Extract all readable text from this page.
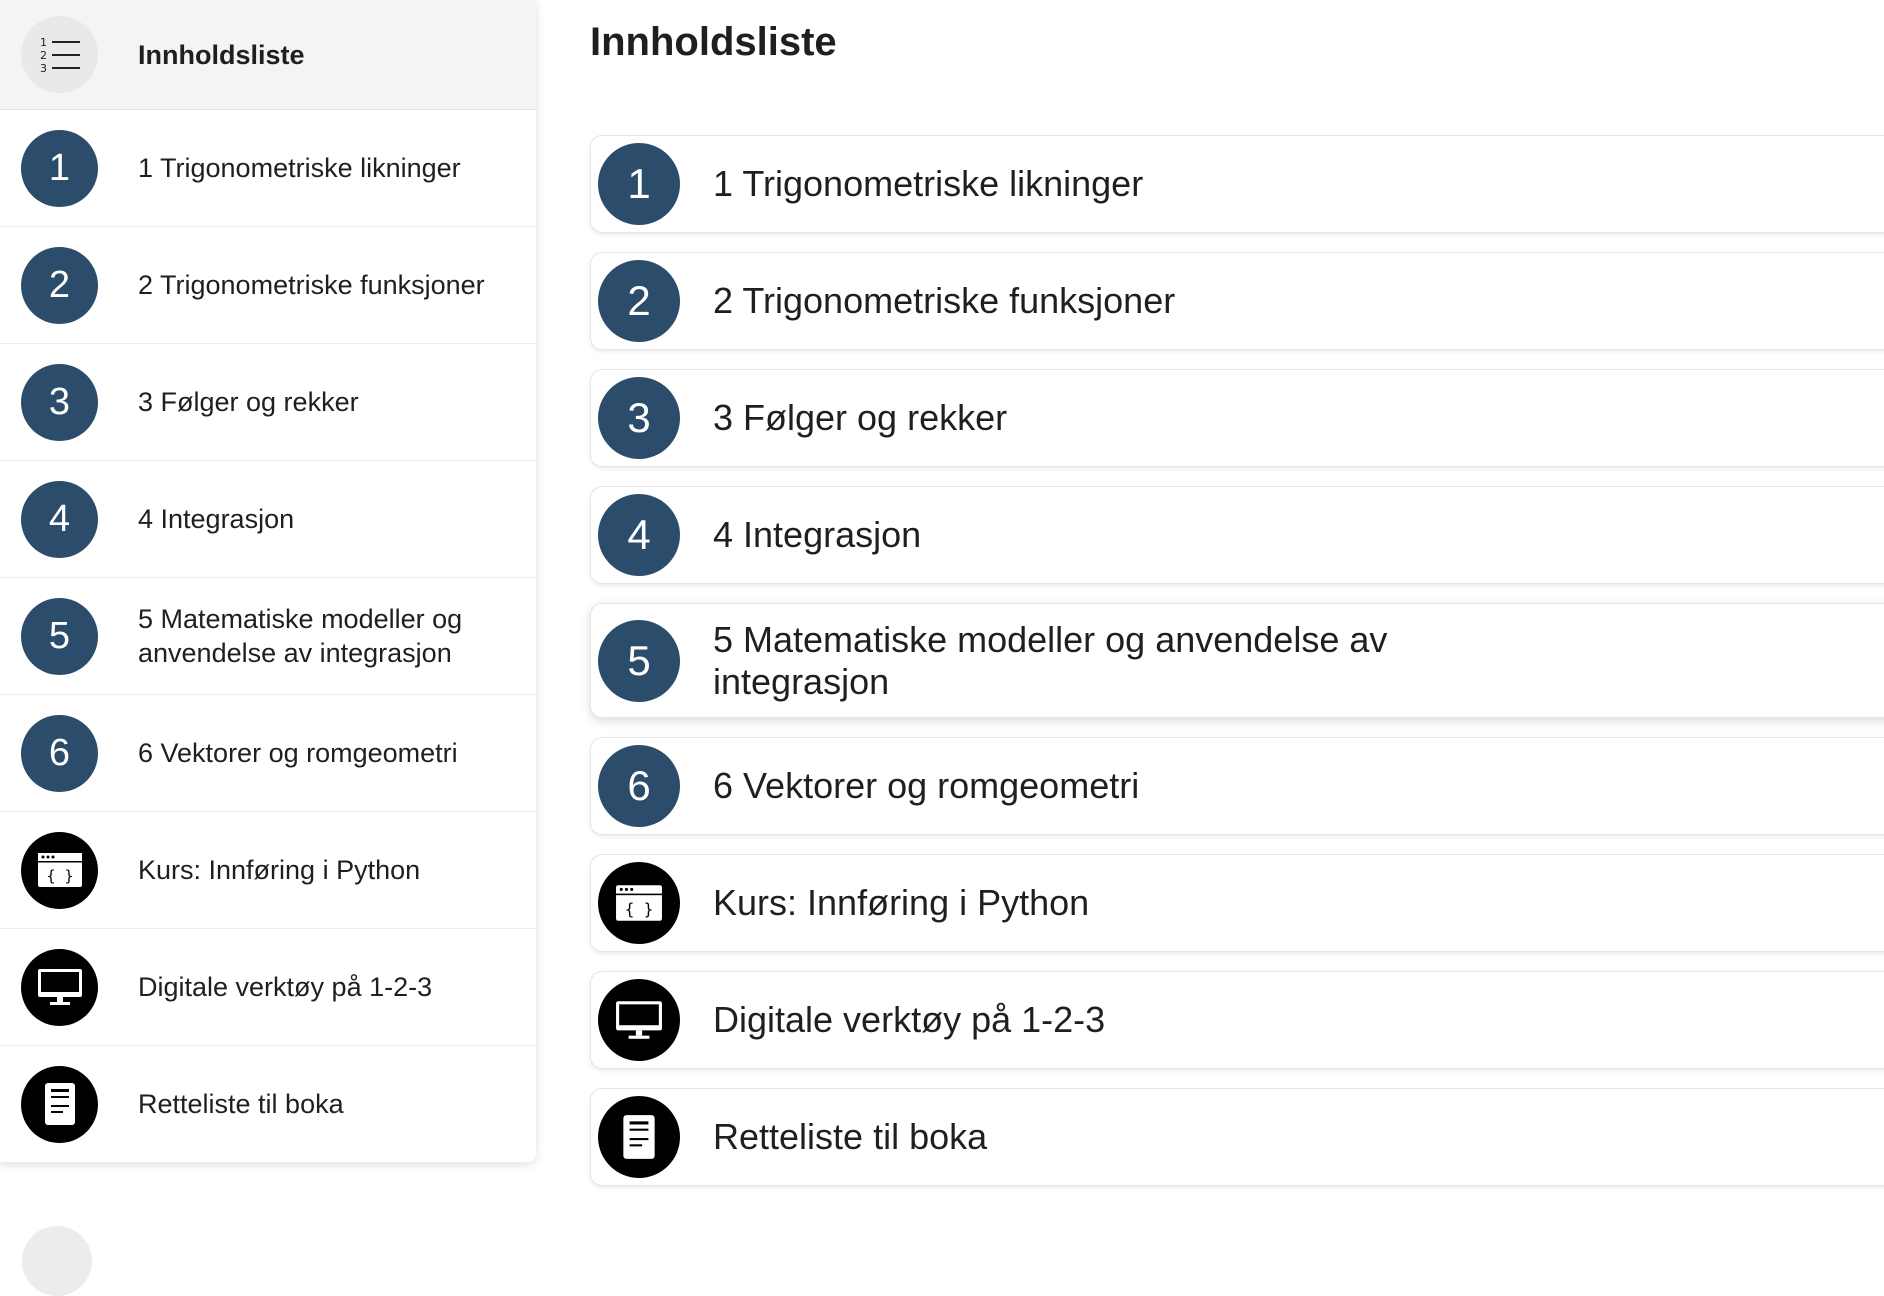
1
2
3	Innholdsliste
1	1 Trigonometriske likninger
2	2 Trigonometriske funksjoner
3	3 Følger og rekker
4	4 Integrasjon
5	5 Matematiske modeller og anvendelse av integrasjon
6	6 Vektorer og romgeometri
{ } Kurs: Innføring i Python
Digitale verktøy på 1-2-3
Retteliste til boka
Innholdsliste
1	1 Trigonometriske likninger
2	2 Trigonometriske funksjoner
3	3 Følger og rekker
4	4 Integrasjon
5	5 Matematiske modeller og anvendelse av integrasjon
6	6 Vektorer og romgeometri
{ } Kurs: Innføring i Python
Digitale verktøy på 1-2-3
Retteliste til boka
